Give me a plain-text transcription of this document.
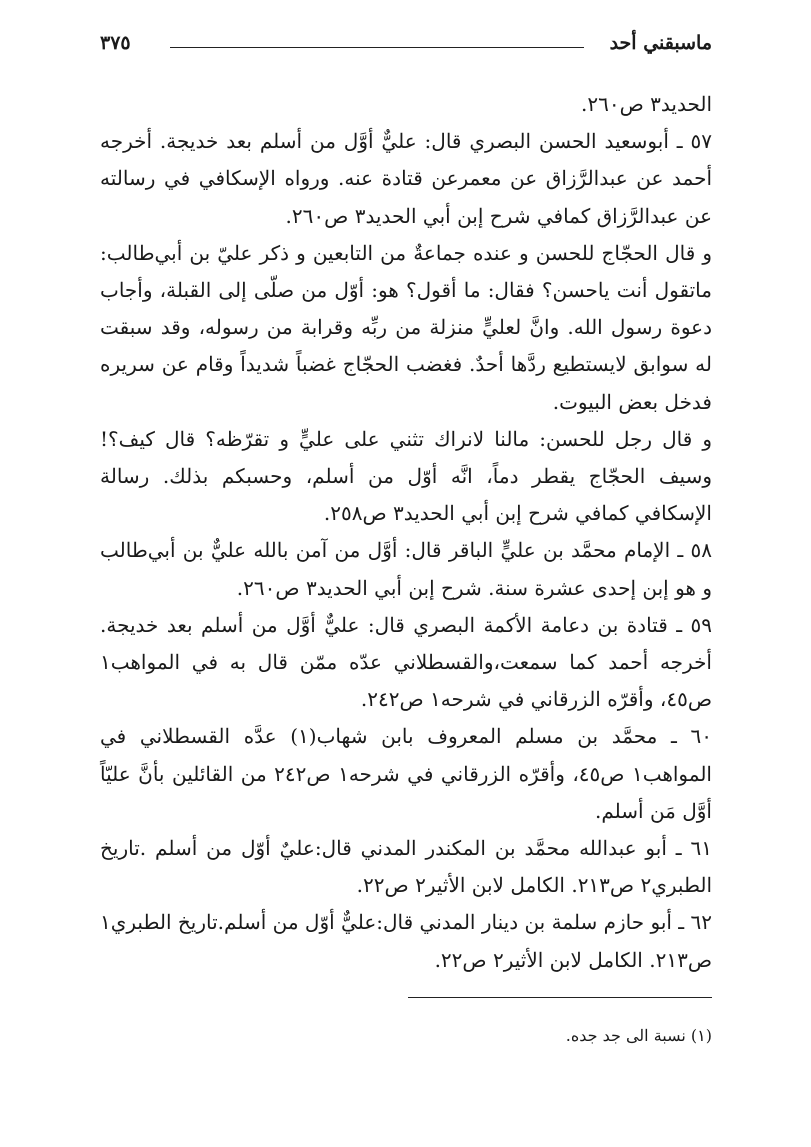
ماسبقني أحد
٣٧٥

الحديد٣ ص٢٦٠.

٥٧ ـ أبوسعيد الحسن البصري قال: عليٌّ أوَّل من أسلم بعد خديجة. أخرجه أحمد عن عبدالرَّزاق عن معمرعن قتادة عنه. ورواه الإسكافي في رسالته عن عبدالرَّزاق كمافي شرح إبن أبي الحديد٣ ص٢٦٠.

و قال الحجّاج للحسن و عنده جماعةٌ من التابعين و ذكر عليّ بن أبي‌طالب: ماتقول أنت ياحسن؟ فقال: ما أقول؟ هو: أوّل من صلّى إلى القبلة، وأجاب دعوة رسول الله. وانَّ لعليٍّ منزلة من ربِّه وقرابة من رسوله، وقد سبقت له سوابق لايستطيع ردَّها أحدٌ. فغضب الحجّاج غضباً شديداً وقام عن سريره فدخل بعض البيوت.

و قال رجل للحسن: مالنا لانراك تثني على عليٍّ و تقرّظه؟ قال كيف؟! وسيف الحجّاج يقطر دماً، انَّه أوّل من أسلم، وحسبكم بذلك. رسالة الإسكافي كمافي شرح إبن أبي الحديد٣ ص٢٥٨.

٥٨ ـ الإمام محمَّد بن عليٍّ الباقر قال: أوَّل من آمن بالله عليٌّ بن أبي‌طالب و هو إبن إحدى عشرة سنة. شرح إبن أبي الحديد٣ ص٢٦٠.

٥٩ ـ قتادة بن دعامة الأكمة البصري قال: عليٌّ أوَّل من أسلم بعد خديجة. أخرجه أحمد كما سمعت،والقسطلاني عدّه ممّن قال به في المواهب١ ص٤٥، وأقرّه الزرقاني في شرحه١ ص٢٤٢.

٦٠ ـ محمَّد بن مسلم المعروف بابن شهاب(١) عدَّه القسطلاني في المواهب١ ص٤٥، وأقرّه الزرقاني في شرحه١ ص٢٤٢ من القائلين بأنَّ عليّاً أوَّل مَن أسلم.

٦١ ـ أبو عبدالله محمَّد بن المكندر المدني قال:عليٌ أوّل من أسلم .تاريخ الطبري٢ ص٢١٣. الكامل لابن الأثير٢ ص٢٢.

٦٢ ـ أبو حازم سلمة بن دينار المدني قال:عليٌّ أوّل من أسلم.تاريخ الطبري١ ص٢١٣. الكامل لابن الأثير٢ ص٢٢.

(١) نسبة الى جد جده.
